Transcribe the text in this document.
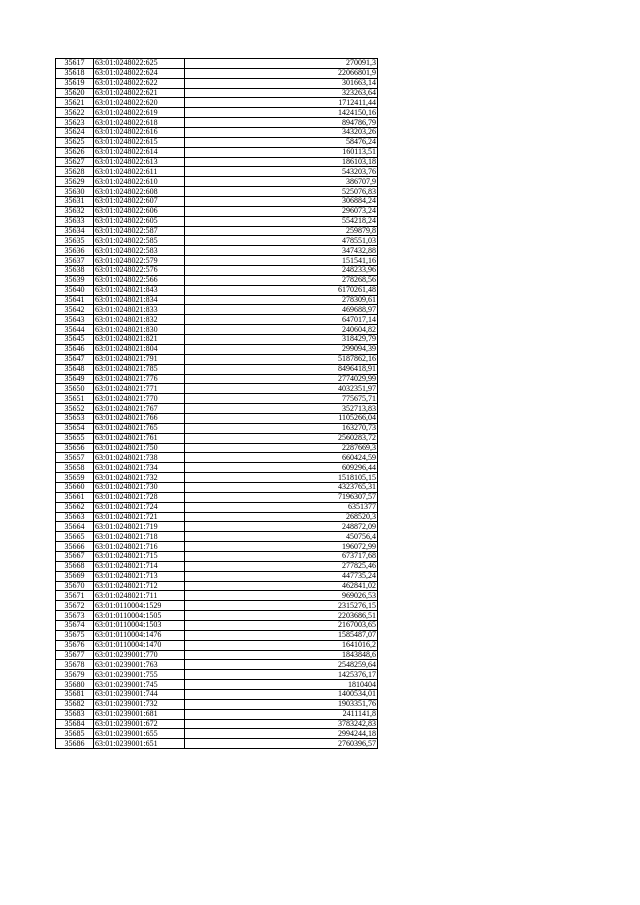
35617	63:01:0248022:625	270091,3
35618	63:01:0248022:624	22066801,9
35619	63:01:0248022:622	301663,14
35620	63:01:0248022:621	323263,64
35621	63:01:0248022:620	1712411,44
35622	63:01:0248022:619	1424150,16
35623	63:01:0248022:618	894786,79
35624	63:01:0248022:616	343203,26
35625	63:01:0248022:615	58476,24
35626	63:01:0248022:614	160113,51
35627	63:01:0248022:613	186103,18
35628	63:01:0248022:611	543203,76
35629	63:01:0248022:610	386707,9
35630	63:01:0248022:608	525076,83
35631	63:01:0248022:607	306884,24
35632	63:01:0248022:606	296073,24
35633	63:01:0248022:605	554218,24
35634	63:01:0248022:587	259879,8
35635	63:01:0248022:585	478551,03
35636	63:01:0248022:583	347432,88
35637	63:01:0248022:579	151541,16
35638	63:01:0248022:576	248233,96
35639	63:01:0248022:566	278268,56
35640	63:01:0248021:843	6170261,48
35641	63:01:0248021:834	278309,61
35642	63:01:0248021:833	469688,97
35643	63:01:0248021:832	647017,14
35644	63:01:0248021:830	240604,82
35645	63:01:0248021:821	318429,79
35646	63:01:0248021:804	299094,39
35647	63:01:0248021:791	5187862,16
35648	63:01:0248021:785	8496418,91
35649	63:01:0248021:776	2774029,99
35650	63:01:0248021:771	4032351,97
35651	63:01:0248021:770	775675,71
35652	63:01:0248021:767	352713,83
35653	63:01:0248021:766	1105266,04
35654	63:01:0248021:765	163270,73
35655	63:01:0248021:761	2560283,72
35656	63:01:0248021:750	2287669,3
35657	63:01:0248021:738	660424,59
35658	63:01:0248021:734	609296,44
35659	63:01:0248021:732	1518105,15
35660	63:01:0248021:730	4323765,31
35661	63:01:0248021:728	7196307,57
35662	63:01:0248021:724	6351377
35663	63:01:0248021:721	268520,3
35664	63:01:0248021:719	248872,09
35665	63:01:0248021:718	450756,4
35666	63:01:0248021:716	196072,99
35667	63:01:0248021:715	673717,68
35668	63:01:0248021:714	277825,46
35669	63:01:0248021:713	447735,24
35670	63:01:0248021:712	462841,02
35671	63:01:0248021:711	969026,53
35672	63:01:0110004:1529	2315276,15
35673	63:01:0110004:1505	2203686,51
35674	63:01:0110004:1503	2167003,65
35675	63:01:0110004:1476	1585487,07
35676	63:01:0110004:1470	1641016,2
35677	63:01:0239001:770	1843848,6
35678	63:01:0239001:763	2548259,64
35679	63:01:0239001:755	1425376,17
35680	63:01:0239001:745	1810404
35681	63:01:0239001:744	1400534,01
35682	63:01:0239001:732	1903351,76
35683	63:01:0239001:681	2411141,8
35684	63:01:0239001:672	3783242,83
35685	63:01:0239001:655	2994244,18
35686	63:01:0239001:651	2760396,57
